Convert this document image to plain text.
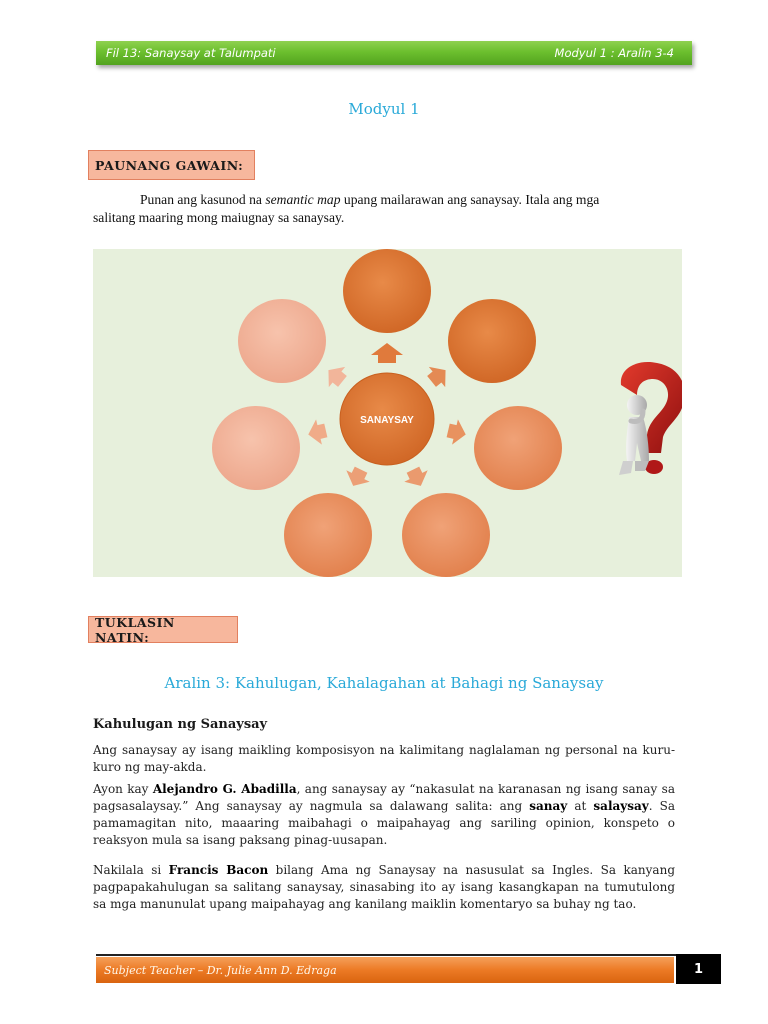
Fil 13: Sanaysay at Talumpati	Modyul 1 : Aralin 3-4
Modyul 1
PAUNANG GAWAIN:
Punan ang kasunod na semantic map upang mailarawan ang sanaysay. Itala ang mga
salitang maaring mong maiugnay sa sanaysay.
SANAYSAY
TUKLASIN NATIN:
Aralin 3: Kahulugan, Kahalagahan at Bahagi ng Sanaysay
Kahulugan ng Sanaysay
Ang sanaysay ay isang maikling komposisyon na kalimitang naglalaman ng personal na kuru-kuro ng may-akda.
Ayon kay Alejandro G. Abadilla, ang sanaysay ay “nakasulat na karanasan ng isang sanay sa pagsasalaysay.” Ang sanaysay ay nagmula sa dalawang salita: ang sanay at salaysay. Sa pamamagitan nito, maaaring maibahagi o maipahayag ang sariling opinion, konspeto o reaksyon mula sa isang paksang pinag-uusapan.
Nakilala si Francis Bacon bilang Ama ng Sanaysay na nasusulat sa Ingles. Sa kanyang pagpapakahulugan sa salitang sanaysay, sinasabing ito ay isang kasangkapan na tumutulong sa mga manunulat upang maipahayag ang kanilang maiklin komentaryo sa buhay ng tao.
Subject Teacher – Dr. Julie Ann D. Edraga	1
